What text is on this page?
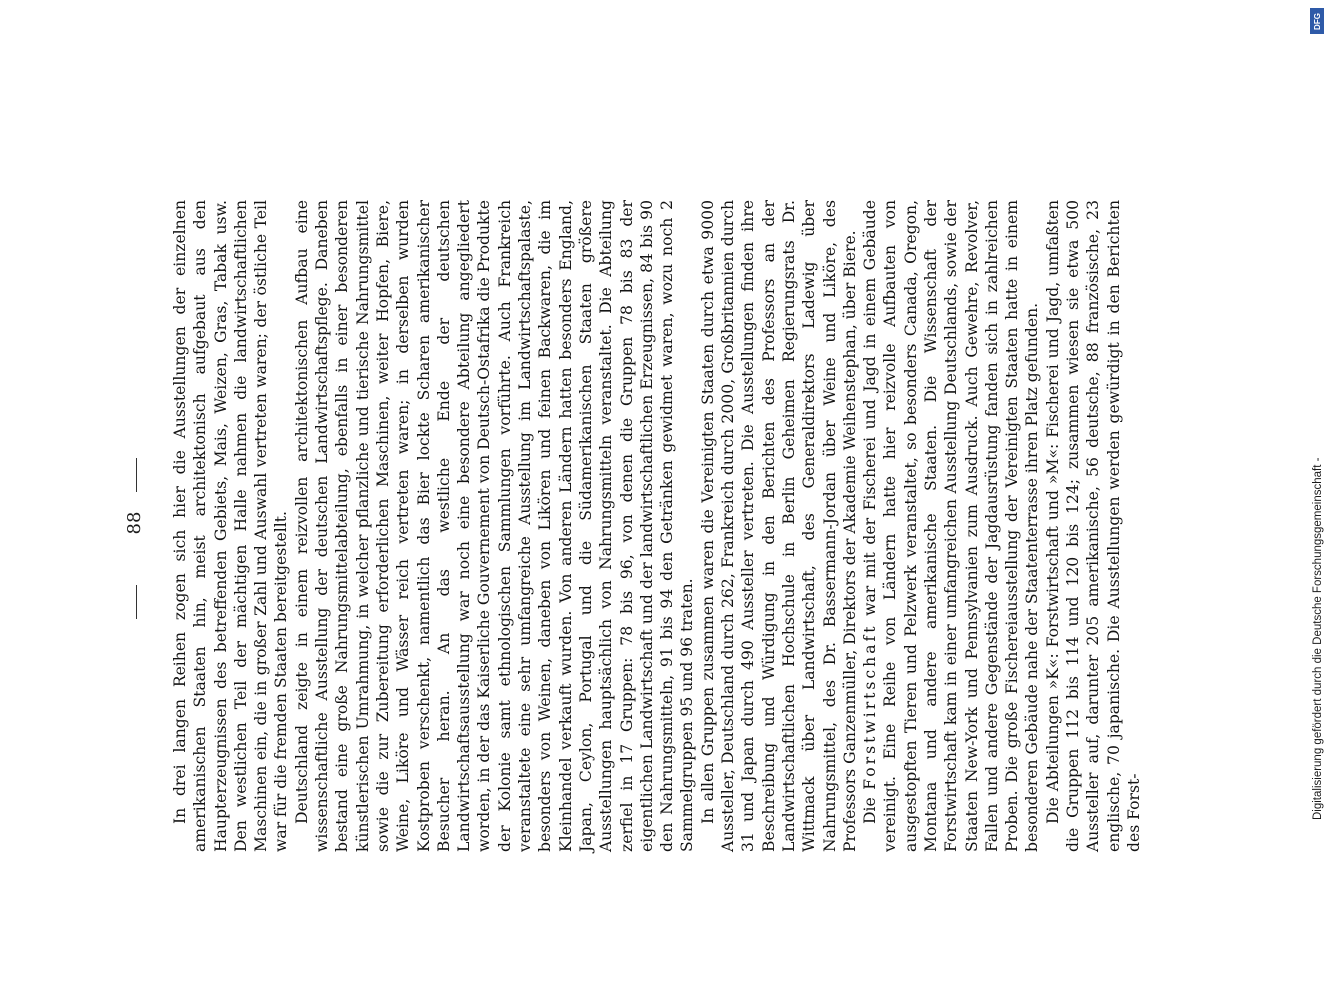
88 In drei langen Reihen zogen sich hier die Ausstellungen der einzelnen amerikanischen Staaten hin, meist architektonisch aufgebaut aus den Haupterzeugnissen des betreffenden Gebiets, Mais, Weizen, Gras, Tabak usw. Den westlichen Teil der mächtigen Halle nahmen die landwirtschaftlichen Maschinen ein, die in großer Zahl und Auswahl vertreten waren; der östliche Teil war für die fremden Staaten bereitgestellt. Deutschland zeigte in einem reizvollen architektonischen Aufbau eine wissenschaftliche Ausstellung der deutschen Landwirtschaftspflege. Daneben bestand eine große Nahrungsmittelabteilung, ebenfalls in einer besonderen künstlerischen Umrahmung, in welcher pflanzliche und tierische Nahrungsmittel sowie die zur Zubereitung erforderlichen Maschinen, weiter Hopfen, Biere, Weine, Liköre und Wässer reich vertreten waren; in derselben wurden Kostproben verschenkt, namentlich das Bier lockte Scharen amerikanischer Besucher heran. An das westliche Ende der deutschen Landwirtschaftsausstellung war noch eine besondere Abteilung angegliedert worden, in der das Kaiserliche Gouvernement von Deutsch-Ostafrika die Produkte der Kolonie samt ethnologischen Sammlungen vorführte. Auch Frankreich veranstaltete eine sehr umfangreiche Ausstellung im Landwirtschaftspalaste, besonders von Weinen, daneben von Likören und feinen Backwaren, die im Kleinhandel verkauft wurden. Von anderen Ländern hatten besonders England, Japan, Ceylon, Portugal und die Südamerikanischen Staaten größere Ausstellungen hauptsächlich von Nahrungsmitteln veranstaltet. Die Abteilung zerfiel in 17 Gruppen: 78 bis 96, von denen die Gruppen 78 bis 83 der eigentlichen Landwirtschaft und der landwirtschaftlichen Erzeugnissen, 84 bis 90 den Nahrungsmitteln, 91 bis 94 den Getränken gewidmet waren, wozu noch 2 Sammelgruppen 95 und 96 traten. In allen Gruppen zusammen waren die Vereinigten Staaten durch etwa 9000 Aussteller, Deutschland durch 262, Frankreich durch 2000, Großbritannien durch 31 und Japan durch 490 Aussteller vertreten. Die Ausstellungen finden ihre Beschreibung und Würdigung in den Berichten des Professors an der Landwirtschaftlichen Hochschule in Berlin Geheimen Regierungsrats Dr. Wittmack über Landwirtschaft, des Generaldirektors Ladewig über Nahrungsmittel, des Dr. Bassermann-Jordan über Weine und Liköre, des Professors Ganzenmüller, Direktors der Akademie Weihenstephan, über Biere. Die Forstwirtschaft war mit der Fischerei und Jagd in einem Gebäude vereinigt. Eine Reihe von Ländern hatte hier reizvolle Aufbauten von ausgestopften Tieren und Pelzwerk veranstaltet, so besonders Canada, Oregon, Montana und andere amerikanische Staaten. Die Wissenschaft der Forstwirtschaft kam in einer umfangreichen Ausstellung Deutschlands, sowie der Staaten New-York und Pennsylvanien zum Ausdruck. Auch Gewehre, Revolver, Fallen und andere Gegenstände der Jagdausrüstung fanden sich in zahlreichen Proben. Die große Fischereiausstellung der Vereinigten Staaten hatte in einem besonderen Gebäude nahe der Staatenterrasse ihren Platz gefunden. Die Abteilungen »K«: Forstwirtschaft und »M«: Fischerei und Jagd, umfaßten die Gruppen 112 bis 114 und 120 bis 124; zusammen wiesen sie etwa 500 Aussteller auf, darunter 205 amerikanische, 56 deutsche, 88 französische, 23 englische, 70 japanische. Die Ausstellungen werden gewürdigt in den Berichten des Forst-	Digitalisierung gefördert durch die Deutsche Forschungsgemeinschaft -
DFG
